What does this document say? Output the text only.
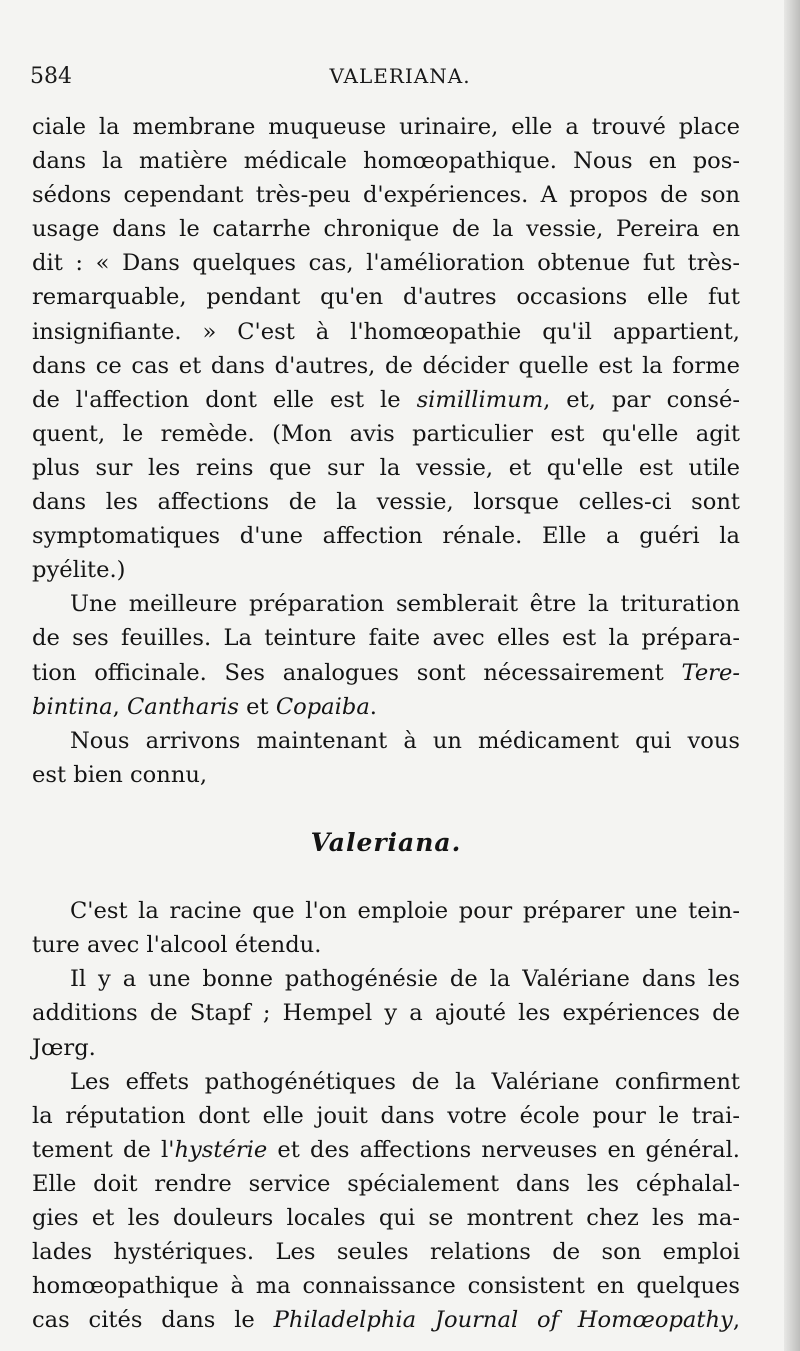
584	VALERIANA.
ciale la membrane muqueuse urinaire, elle a trouvé place
dans la matière médicale homœopathique. Nous en pos-
sédons cependant très-peu d'expériences. A propos de son
usage dans le catarrhe chronique de la vessie, Pereira en
dit : « Dans quelques cas, l'amélioration obtenue fut très-
remarquable, pendant qu'en d'autres occasions elle fut
insignifiante. » C'est à l'homœopathie qu'il appartient,
dans ce cas et dans d'autres, de décider quelle est la forme
de l'affection dont elle est le simillimum, et, par consé-
quent, le remède. (Mon avis particulier est qu'elle agit
plus sur les reins que sur la vessie, et qu'elle est utile
dans les affections de la vessie, lorsque celles-ci sont
symptomatiques d'une affection rénale. Elle a guéri la
pyélite.)
Une meilleure préparation semblerait être la trituration
de ses feuilles. La teinture faite avec elles est la prépara-
tion officinale. Ses analogues sont nécessairement Tere-
bintina, Cantharis et Copaiba.
Nous arrivons maintenant à un médicament qui vous
est bien connu,
Valeriana.
C'est la racine que l'on emploie pour préparer une tein-
ture avec l'alcool étendu.
Il y a une bonne pathogénésie de la Valériane dans les
additions de Stapf ; Hempel y a ajouté les expériences de
Jœrg.
Les effets pathogénétiques de la Valériane confirment
la réputation dont elle jouit dans votre école pour le trai-
tement de l'hystérie et des affections nerveuses en général.
Elle doit rendre service spécialement dans les céphalal-
gies et les douleurs locales qui se montrent chez les ma-
lades hystériques. Les seules relations de son emploi
homœopathique à ma connaissance consistent en quelques
cas cités dans le Philadelphia Journal of Homœopathy,
